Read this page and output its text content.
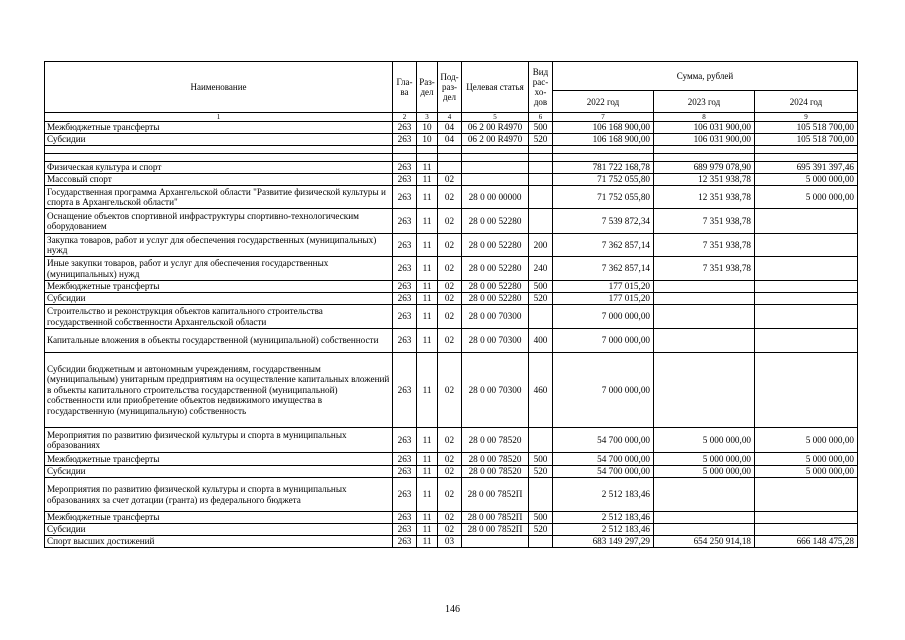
Наименование	Гла-ва	Раз-дел	Под-раз-дел	Целевая статья	Вид рас-хо-дов	Сумма, рублей		
						2022 год	2023 год	2024 год
1	2	3	4	5	6	7	8	9
Межбюджетные трансферты	263	10	04	06 2 00 R4970	500	106 168 900,00	106 031 900,00	105 518 700,00
Субсидии	263	10	04	06 2 00 R4970	520	106 168 900,00	106 031 900,00	105 518 700,00

Физическая культура и спорт	263	11				781 722 168,78	689 979 078,90	695 391 397,46
Массовый спорт	263	11	02			71 752 055,80	12 351 938,78	5 000 000,00
Государственная программа Архангельской области "Развитие физической культуры и спорта в Архангельской области"	263	11	02	28 0 00 00000		71 752 055,80	12 351 938,78	5 000 000,00
Оснащение объектов спортивной инфраструктуры спортивно-технологическим оборудованием	263	11	02	28 0 00 52280		7 539 872,34	7 351 938,78	
Закупка товаров, работ и услуг для обеспечения государственных (муниципальных) нужд	263	11	02	28 0 00 52280	200	7 362 857,14	7 351 938,78	
Иные закупки товаров, работ и услуг для обеспечения государственных (муниципальных) нужд	263	11	02	28 0 00 52280	240	7 362 857,14	7 351 938,78	
Межбюджетные трансферты	263	11	02	28 0 00 52280	500	177 015,20		
Субсидии	263	11	02	28 0 00 52280	520	177 015,20		
Строительство и реконструкция объектов капитального строительства государственной собственности Архангельской области	263	11	02	28 0 00 70300		7 000 000,00		
Капитальные вложения в объекты государственной (муниципальной) собственности	263	11	02	28 0 00 70300	400	7 000 000,00		
Субсидии бюджетным и автономным учреждениям, государственным (муниципальным) унитарным предприятиям на осуществление капитальных вложений в объекты капитального строительства государственной (муниципальной) собственности или приобретение объектов недвижимого имущества в государственную (муниципальную) собственность	263	11	02	28 0 00 70300	460	7 000 000,00		
Мероприятия по развитию физической культуры и спорта в муниципальных образованиях	263	11	02	28 0 00 78520		54 700 000,00	5 000 000,00	5 000 000,00
Межбюджетные трансферты	263	11	02	28 0 00 78520	500	54 700 000,00	5 000 000,00	5 000 000,00
Субсидии	263	11	02	28 0 00 78520	520	54 700 000,00	5 000 000,00	5 000 000,00
Мероприятия по развитию физической культуры и спорта в муниципальных образованиях за счет дотации (гранта) из федерального бюджета	263	11	02	28 0 00 7852П		2 512 183,46		
Межбюджетные трансферты	263	11	02	28 0 00 7852П	500	2 512 183,46		
Субсидии	263	11	02	28 0 00 7852П	520	2 512 183,46		
Спорт высших достижений	263	11	03			683 149 297,29	654 250 914,18	666 148 475,28
146
